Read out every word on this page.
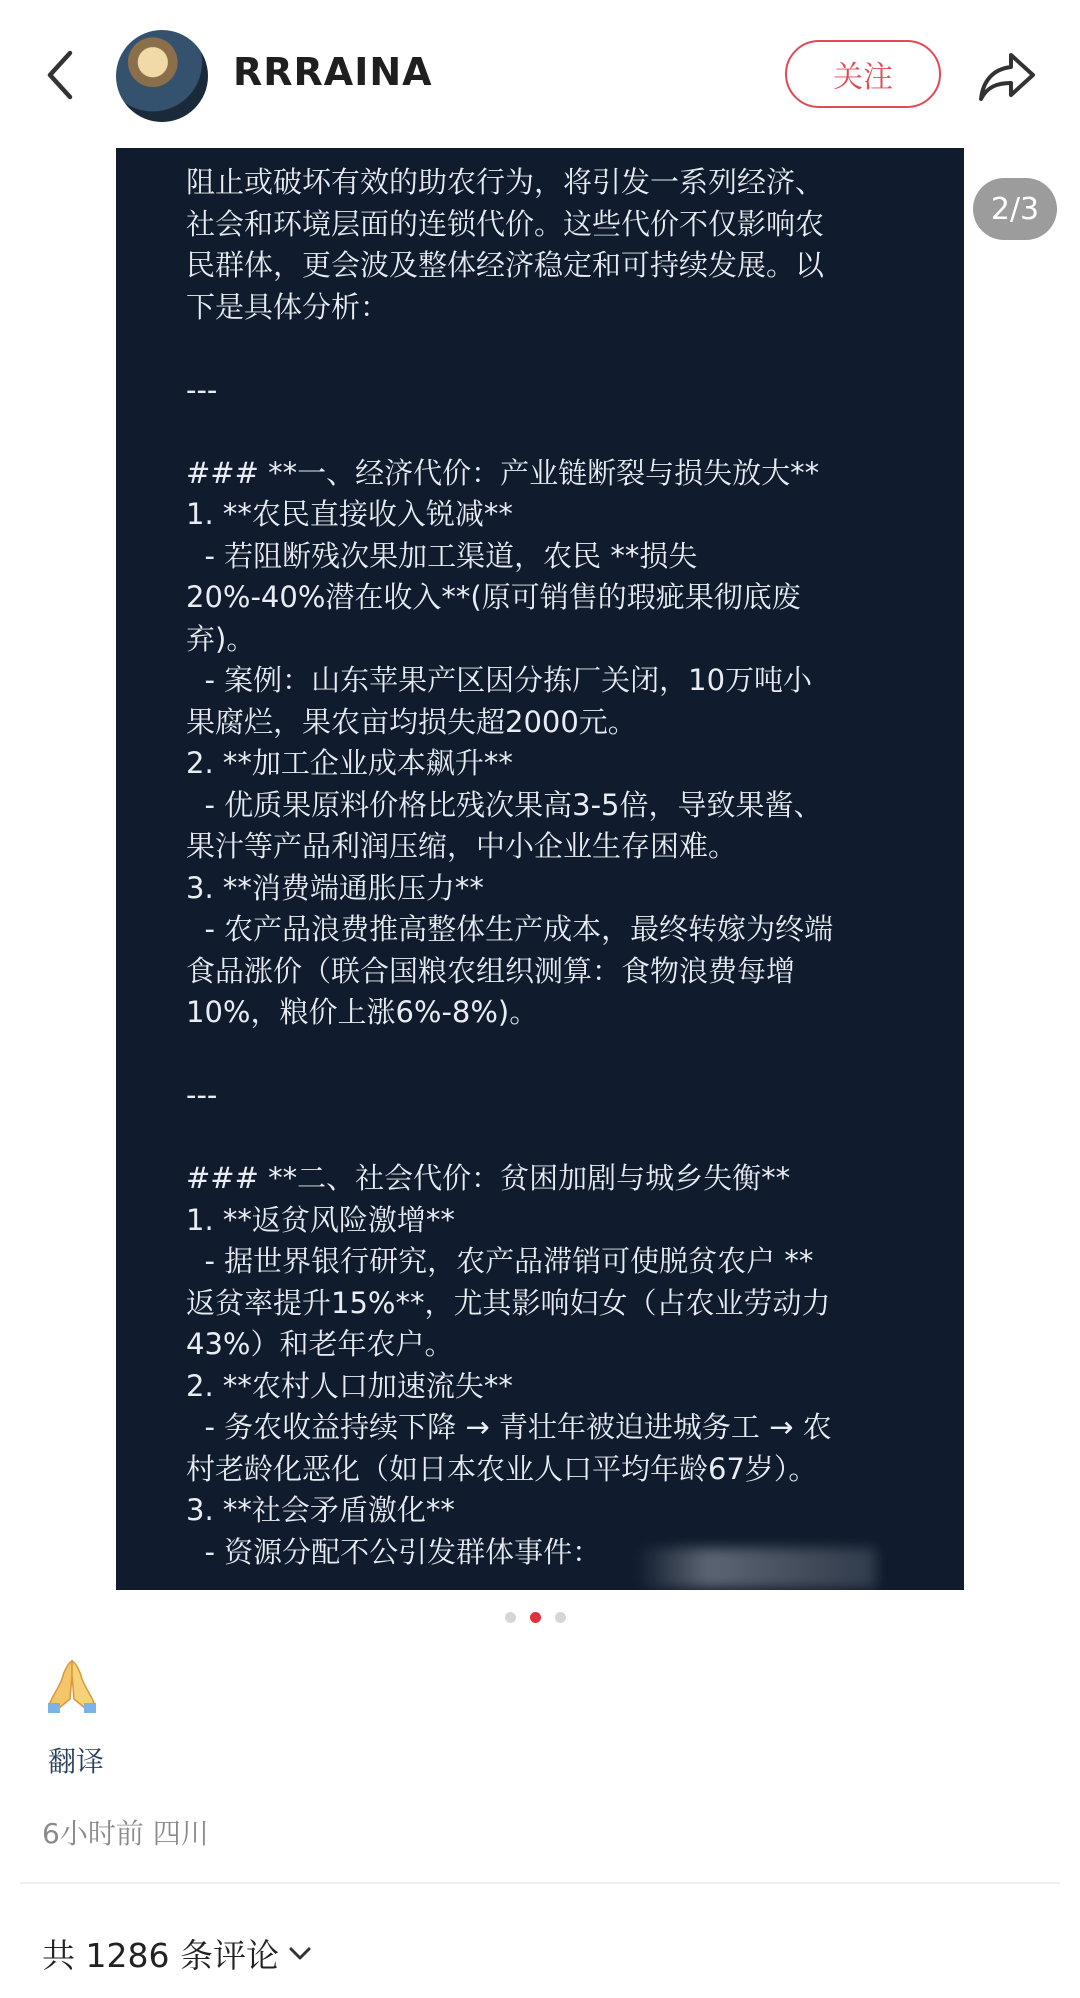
RRRAINA	关注
阻止或破坏有效的助农行为，将引发一系列经济、
社会和环境层面的连锁代价。这些代价不仅影响农
民群体，更会波及整体经济稳定和可持续发展。以
下是具体分析：
---
### **一、经济代价：产业链断裂与损失放大**
1. **农民直接收入锐减**
- 若阻断残次果加工渠道，农民 **损失
20%-40%潜在收入**(原可销售的瑕疵果彻底废
弃)。
- 案例：山东苹果产区因分拣厂关闭，10万吨小
果腐烂，果农亩均损失超2000元。
2. **加工企业成本飙升**
- 优质果原料价格比残次果高3-5倍，导致果酱、
果汁等产品利润压缩，中小企业生存困难。
3. **消费端通胀压力**
- 农产品浪费推高整体生产成本，最终转嫁为终端
食品涨价（联合国粮农组织测算：食物浪费每增
10%，粮价上涨6%-8%)。
---
### **二、社会代价：贫困加剧与城乡失衡**
1. **返贫风险激增**
- 据世界银行研究，农产品滞销可使脱贫农户 **
返贫率提升15%**，尤其影响妇女（占农业劳动力
43%）和老年农户。
2. **农村人口加速流失**
- 务农收益持续下降 → 青壮年被迫进城务工 → 农
村老龄化恶化（如日本农业人口平均年龄67岁）。
3. **社会矛盾激化**
- 资源分配不公引发群体事件：
2/3
翻译
6小时前 四川
共 1286 条评论
